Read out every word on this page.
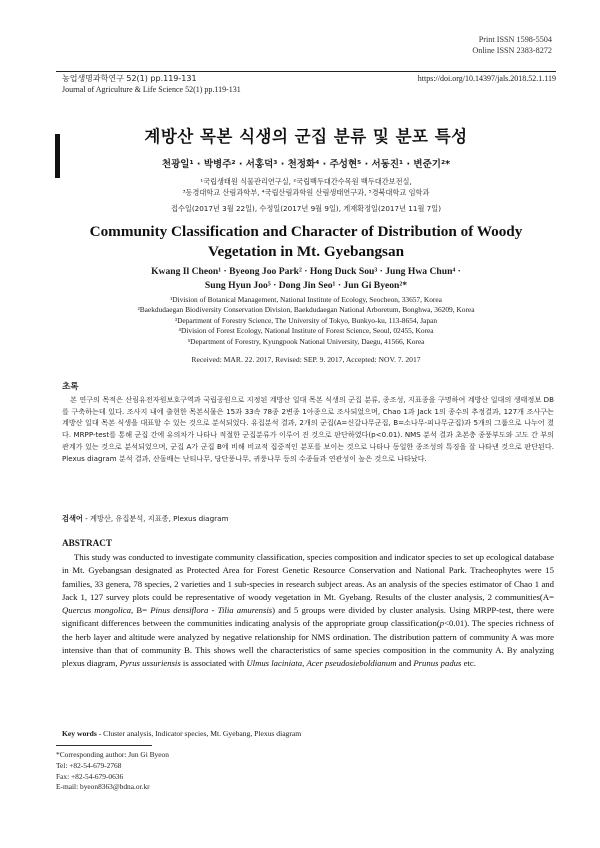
Print ISSN 1598-5504
Online ISSN 2383-8272
농업생명과학연구 52(1) pp.119-131
Journal of Agriculture & Life Science 52(1) pp.119-131
https://doi.org/10.14397/jals.2018.52.1.119
계방산 목본 식생의 군집 분류 및 분포 특성
천광일¹ · 박병주² · 서홍덕³ · 천정화⁴ · 주성현⁵ · 서동진¹ · 변준기²*
¹국립생태원 식물관리연구실, ²국립백두대간수목원 백두대간보전실,
³동경대학교 산림과학부, ⁴국립산림과학원 산림생태연구과, ⁵경북대학교 임학과
접수일(2017년 3월 22일), 수정일(2017년 9월 9일), 게재확정일(2017년 11월 7일)
Community Classification and Character of Distribution of Woody
Vegetation in Mt. Gyebangsan
Kwang Il Cheon¹ · Byeong Joo Park² · Hong Duck Sou³ · Jung Hwa Chun⁴ ·
Sung Hyun Joo⁵ · Dong Jin Seo¹ · Jun Gi Byeon²*
¹Division of Botanical Management, National Institute of Ecology, Seocheon, 33657, Korea
²Baekdudaegan Biodiversity Conservation Division, Baekdudaegan National Arboretum, Bonghwa, 36209, Korea
³Department of Forestry Science, The University of Tokyo, Bunkyo-ku, 113-8654, Japan
⁴Division of Forest Ecology, National Institute of Forest Science, Seoul, 02455, Korea
⁵Department of Forestry, Kyungpook National University, Daegu, 41566, Korea
Received: MAR. 22. 2017, Revised: SEP. 9. 2017, Accepted: NOV. 7. 2017
초록
본 연구의 목적은 산림유전자원보호구역과 국립공원으로 지정된 계방산 일대 목본 식생의 군집 분류, 종조성, 지표종을 구명하여 계방산 일대의 생태정보 DB를 구축하는데 있다. 조사지 내에 출현한 목본식물은 15과 33속 78종 2변종 1아종으로 조사되었으며, Chao 1과 Jack 1의 종수의 추정결과, 127개 조사구는 계방산 일대 목본 식생을 대표할 수 있는 것으로 분석되었다. 유집분석 결과, 2개의 군집(A=신갈나무군집, B=소나무-피나무군집)과 5개의 그룹으로 나누어 졌다. MRPP-test를 통해 군집 간에 유의차가 나타나 적절한 군집분류가 이루어 진 것으로 판단하였다(p<0.01). NMS 분석 결과 초본층 종풍부도와 고도 간 부의 관계가 있는 것으로 분석되었으며, 군집 A가 군집 B에 비해 비교적 집중적인 분포를 보이는 것으로 나타나 동일한 종조성의 특징을 잘 나타낸 것으로 판단된다. Plexus diagram 분석 결과, 산돌배는 난티나무, 당단풍나무, 귀룽나무 등의 수종들과 연관성이 높은 것으로 나타났다.
검색어 - 계방산, 유집분석, 지표종, Plexus diagram
ABSTRACT
This study was conducted to investigate community classification, species composition and indicator species to set up ecological database in Mt. Gyebangsan designated as Protected Area for Forest Genetic Resource Conservation and National Park. Tracheophytes were 15 families, 33 genera, 78 species, 2 varieties and 1 sub-species in research subject areas. As an analysis of the species estimator of Chao 1 and Jack 1, 127 survey plots could be representative of woody vegetation in Mt. Gyebang. Results of the cluster analysis, 2 communities(A= Quercus mongolica, B= Pinus densiflora - Tilia amurensis) and 5 groups were divided by cluster analysis. Using MRPP-test, there were significant differences between the communities indicating analysis of the appropriate group classification(p<0.01). The species richness of the herb layer and altitude were analyzed by negative relationship for NMS ordination. The distribution pattern of community A was more intensive than that of community B. This shows well the characteristics of same species composition in the community A. By analyzing plexus diagram, Pyrus ussuriensis is associated with Ulmus laciniata, Acer pseudosieboldianum and Prunus padus etc.
Key words - Cluster analysis, Indicator species, Mt. Gyebang, Plexus diagram
*Corresponding author: Jun Gi Byeon
Tel: +82-54-679-2768
Fax: +82-54-679-0636
E-mail: byeon8363@bdna.or.kr
